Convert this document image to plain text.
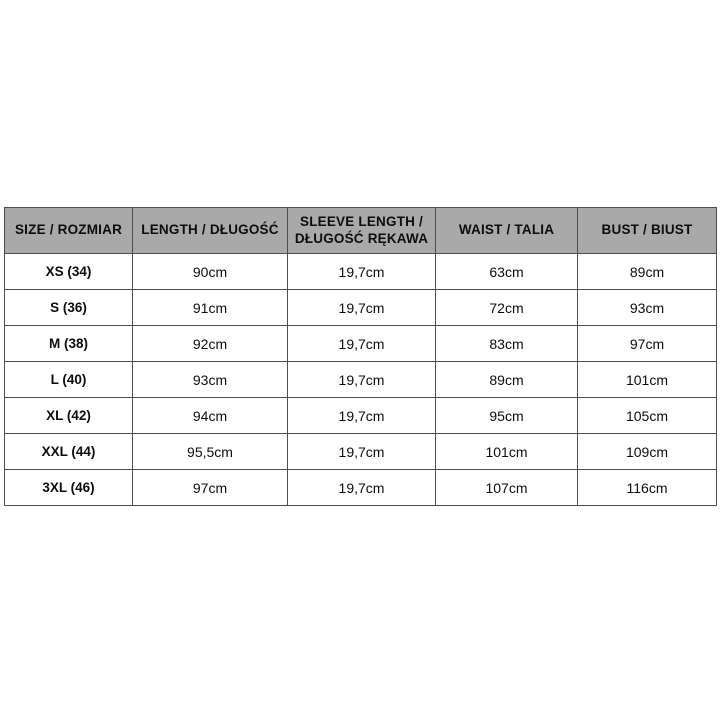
SIZE / ROZMIAR	LENGTH / DŁUGOŚĆ	SLEEVE LENGTH / DŁUGOŚĆ RĘKAWA	WAIST / TALIA	BUST / BIUST
XS (34)	90cm	19,7cm	63cm	89cm
S (36)	91cm	19,7cm	72cm	93cm
M (38)	92cm	19,7cm	83cm	97cm
L (40)	93cm	19,7cm	89cm	101cm
XL (42)	94cm	19,7cm	95cm	105cm
XXL (44)	95,5cm	19,7cm	101cm	109cm
3XL (46)	97cm	19,7cm	107cm	116cm
